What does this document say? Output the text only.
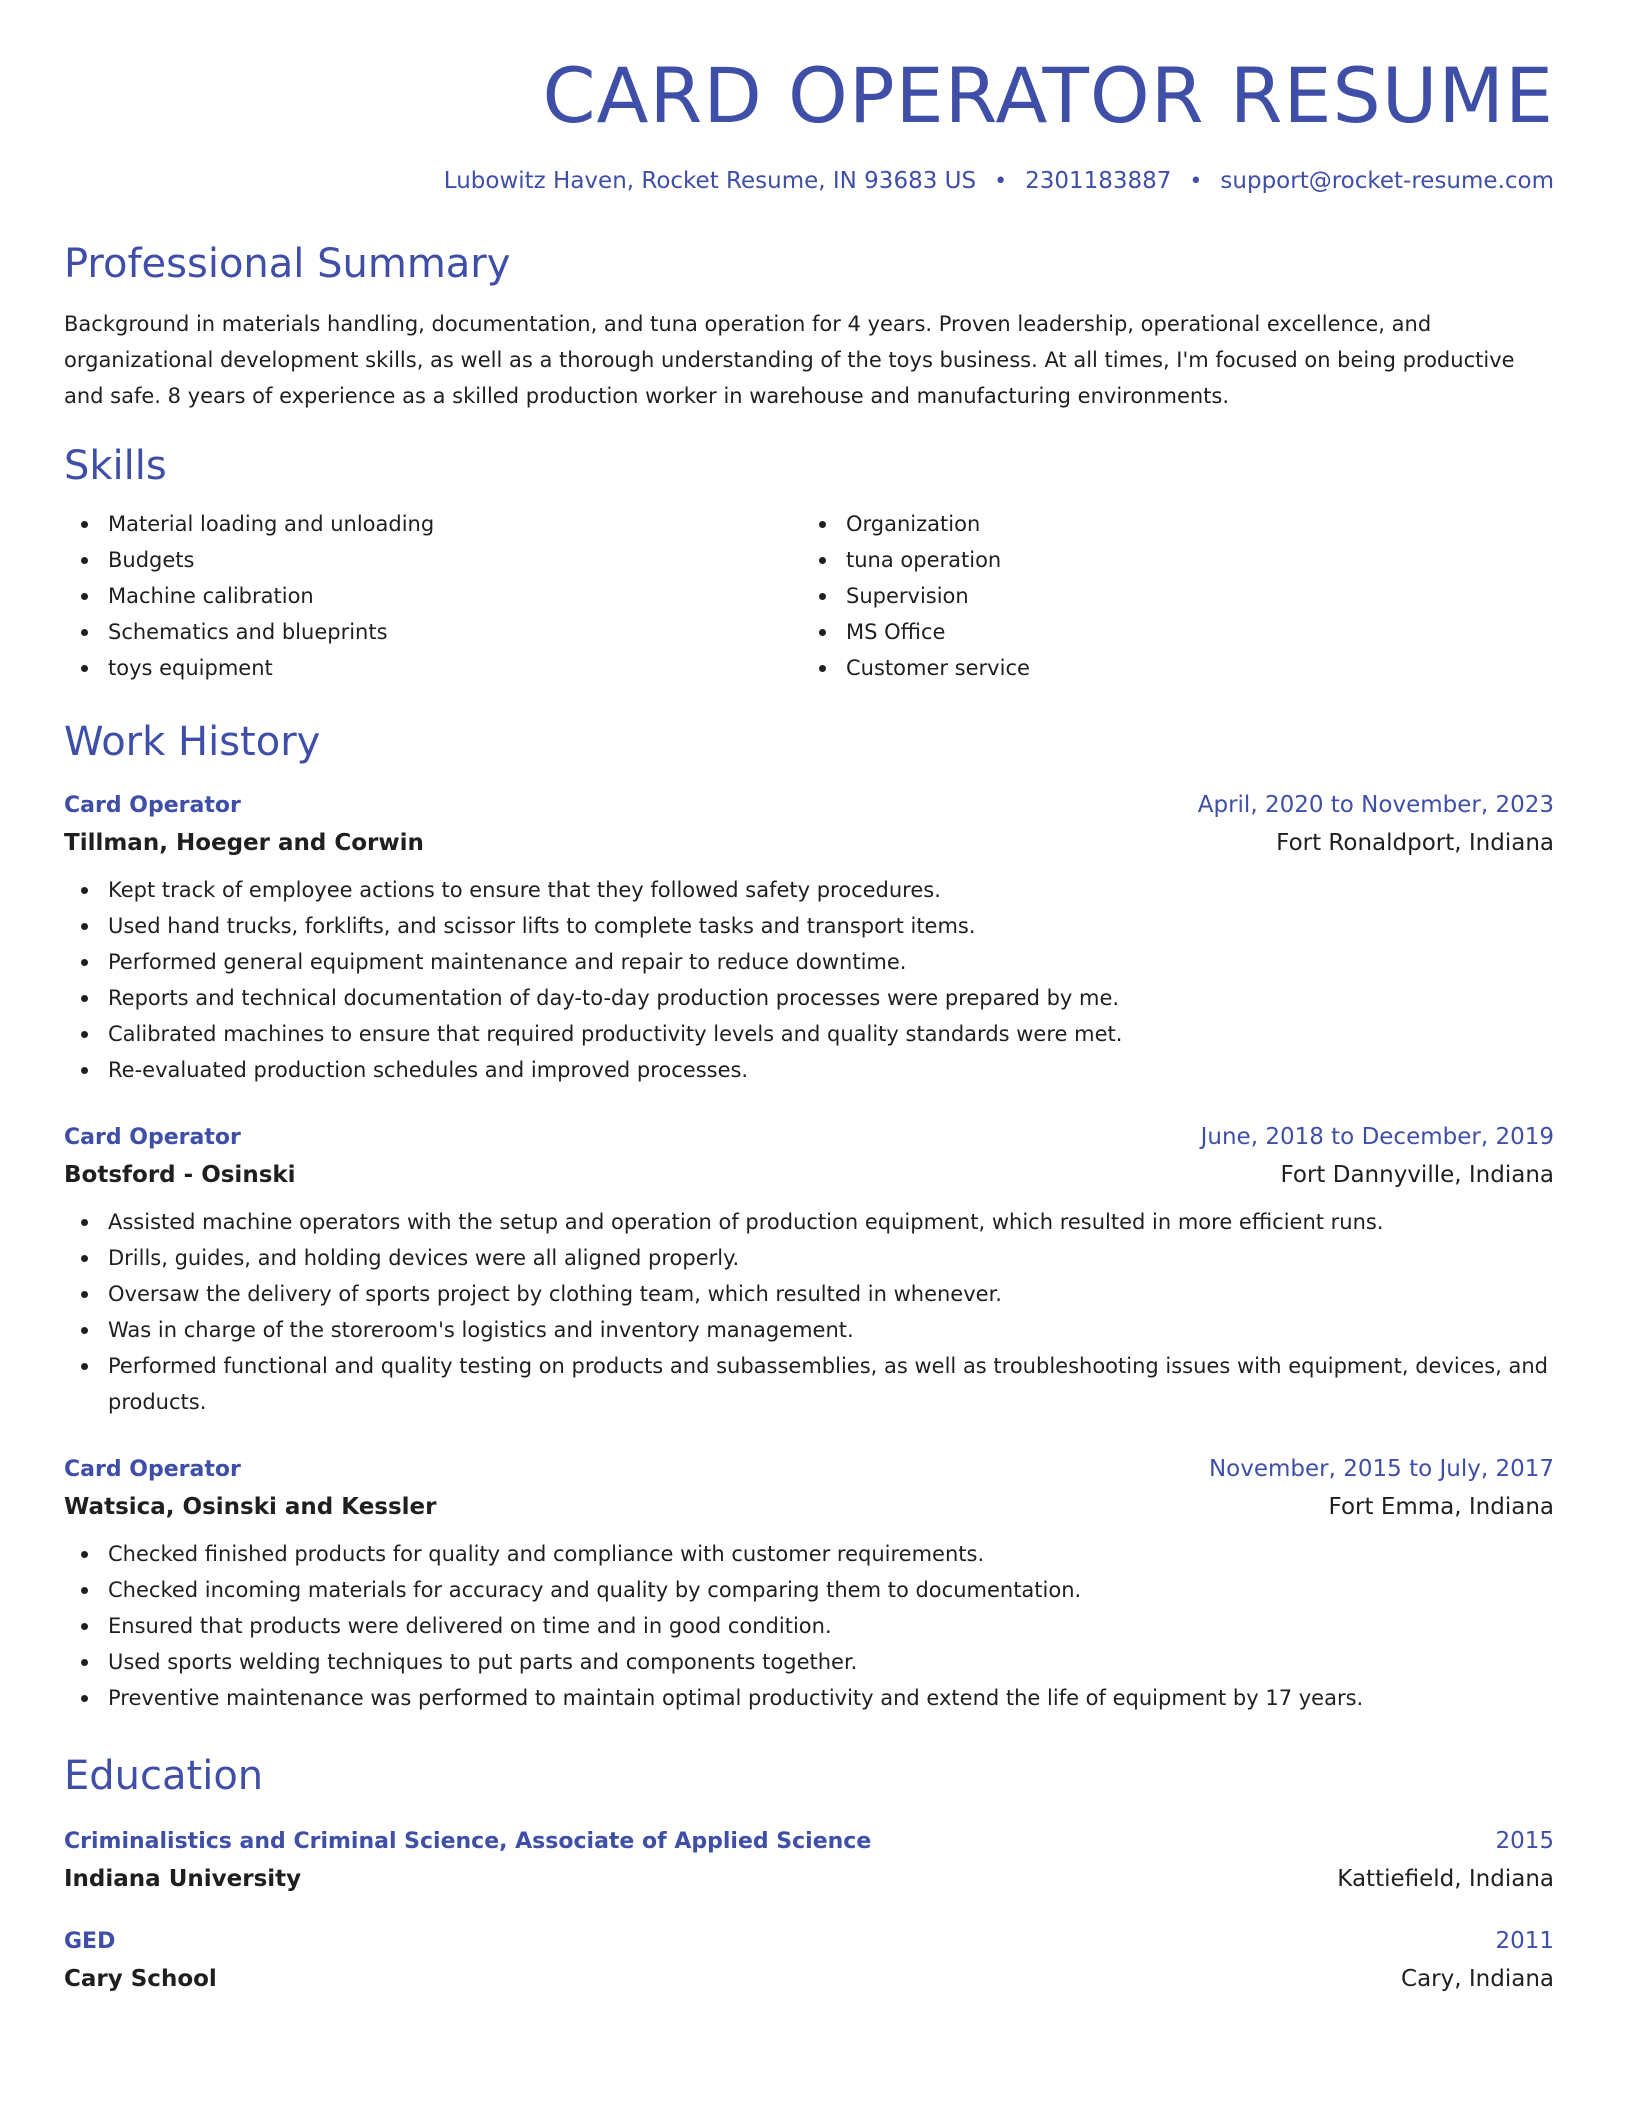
CARD OPERATOR RESUME
Lubowitz Haven, Rocket Resume, IN 93683 US • 2301183887 • support@rocket-resume.com
Professional Summary
Background in materials handling, documentation, and tuna operation for 4 years. Proven leadership, operational excellence, and organizational development skills, as well as a thorough understanding of the toys business. At all times, I'm focused on being productive and safe. 8 years of experience as a skilled production worker in warehouse and manufacturing environments.
Skills
Material loading and unloading
Budgets
Machine calibration
Schematics and blueprints
toys equipment
Organization
tuna operation
Supervision
MS Office
Customer service
Work History
Card Operator	April, 2020 to November, 2023
Tillman, Hoeger and Corwin	Fort Ronaldport, Indiana
Kept track of employee actions to ensure that they followed safety procedures.
Used hand trucks, forklifts, and scissor lifts to complete tasks and transport items.
Performed general equipment maintenance and repair to reduce downtime.
Reports and technical documentation of day-to-day production processes were prepared by me.
Calibrated machines to ensure that required productivity levels and quality standards were met.
Re-evaluated production schedules and improved processes.
Card Operator	June, 2018 to December, 2019
Botsford - Osinski	Fort Dannyville, Indiana
Assisted machine operators with the setup and operation of production equipment, which resulted in more efficient runs.
Drills, guides, and holding devices were all aligned properly.
Oversaw the delivery of sports project by clothing team, which resulted in whenever.
Was in charge of the storeroom's logistics and inventory management.
Performed functional and quality testing on products and subassemblies, as well as troubleshooting issues with equipment, devices, and products.
Card Operator	November, 2015 to July, 2017
Watsica, Osinski and Kessler	Fort Emma, Indiana
Checked finished products for quality and compliance with customer requirements.
Checked incoming materials for accuracy and quality by comparing them to documentation.
Ensured that products were delivered on time and in good condition.
Used sports welding techniques to put parts and components together.
Preventive maintenance was performed to maintain optimal productivity and extend the life of equipment by 17 years.
Education
Criminalistics and Criminal Science, Associate of Applied Science	2015
Indiana University	Kattiefield, Indiana
GED	2011
Cary School	Cary, Indiana
